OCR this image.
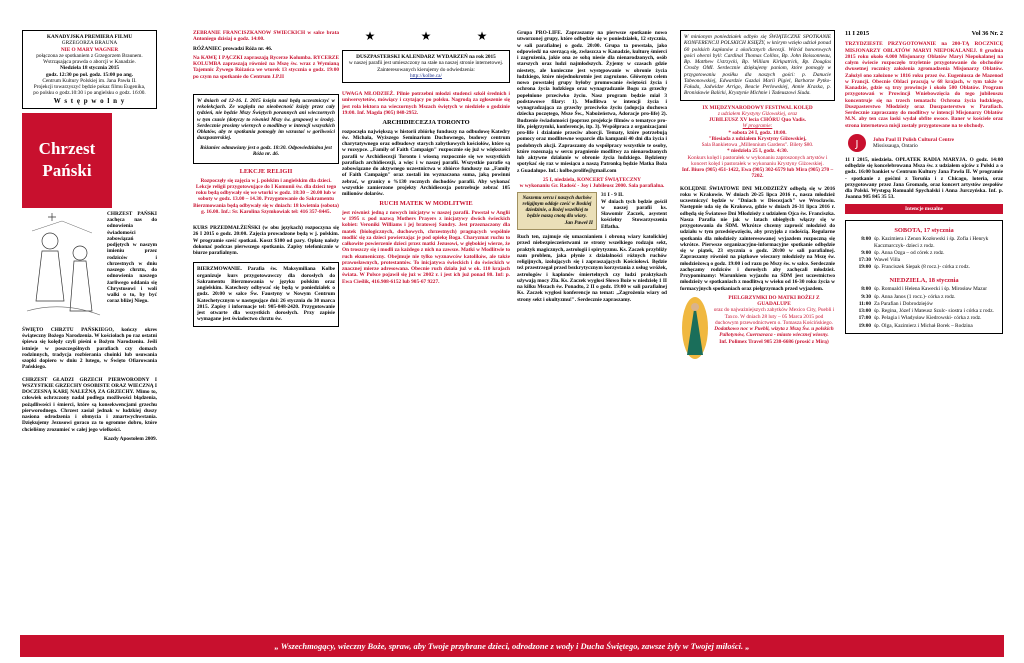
KANADYJSKA PREMIERA FILMU
GRZEGORZA BRAUNA
NIE O MARY WAGNER
połączona ze spotkaniem z Grzegorzem Braunem.
Wstrząsająca prawda o aborcji w Kanadzie.
Niedziela 18 stycznia 2015
godz. 12:30 po pol. godz. 15:00 po ang.
Centrum Kultury Polskiej im. Jana Pawła II.
Projekcji towarzyszyć będzie pokaz filmu Eugenika,
po polsku o godz.10:30 i po angielsku o godz. 16:00.
W s t ę p w o l n y
Chrzest Pański
CHRZEST PAŃSKI zachęca nas do odnowienia świadomości zobowiązań podjętych w naszym imieniu przez rodziców i chrzestnych w dniu naszego chrztu, do odnowienia naszego żarliwego oddania się Chrystusowi i woli walki o to, by być coraz bliżej Niego.

ŚWIĘTO CHRZTU PAŃSKIEGO, kończy okres świąteczny Bożego Narodzenia. W kościołach po raz ostatni śpiewa się kolędy czyli pieśni o Bożym Narodzeniu. Jeśli istnieje w poszczególnych parafiach czy domach rodzinnych, tradycja rozbierania choinki lub usuwania szopki dopiero w dniu 2 lutego, w Święto Ofiarowania Pańskiego.

CHRZEST GŁADZI GRZECH PIERWORODNY I WSZYSTKIE GRZECHY OSOBISTE ORAZ WIECZNĄ I DOCZESNĄ KARĘ NALEŻNĄ ZA GRZECHY. Mimo to, człowiek ochrzczony nadal podlega możliwości błądzenia, pożądliwości i śmierci, które są konsekwencjami grzechu pierworodnego. Chrzest zasiał jednak w ludzkiej duszy nasiona odrodzenia i obmycia i zmartwychwstania. Dziękujemy Jezusowi goraco za to ogromne dobro, które chcieliśmy zrozumieć w całej jego wielkości.

Kazdy Apostołem 2009.

ZEBRANIE FRANCISZKANÓW ŚWIECKICH w salce brata Antoniego dzisiaj o godz. 14:00.

RÓŻANIEC prowadzi Róża nr. 46.

Na KAWĘ I PĄCZKI zapraszają Rycerze Kolumba. RYCERZE KOLUMBA zapraszają również na Mszę św. wraz z Wymianą Tajemnic Żywego Różańca we wtorek 13 stycznia o godz. 19:00 po czym na spotkanie do Centrum J.P.II

W dniach od 12-16. I. 2015 księża nasi będą uczestniczyć w rekolekcjach. Ze względu na nieobecność księży przez cały tydzień, nie będzie Mszy Świętych porannych ani wieczornych w tym czasie (dotyczy to również Mszy św. grupowej w środę). Serdecznie prosimy wiernych o modlitwy w intencji wszystkich Oblatów, aby te spotkania pomogły im wzrastać w gorliwości duszpasterskiej.

Różaniec odmawiany jest o godz. 18:30. Odpowiedzialna jest Róża nr. 46.

LEKCJE RELIGII

Rozpoczęły się zajęcia w j. polskim i angielskim dla dzieci. Lekcje religii przygotowujące do I Komunii św. dla dzieci tego roku będą odbywały się we wtorki w godz. 18:30 – 20.00 lub w soboty w godz. 13.00 – 14.30. Przygotowanie do Sakramentu Bierzmowania będą odbywały się w dniach: 18 kwietnia (sobota) g. 16.00. Inf.: Sr. Karolina Szymkowiak tel: 416 357-8445.

KURS PRZEDMAŁŻEŃSKI (w obu językach) rozpoczyna się 26 I 2015 o godz. 20:00. Zajęcia prowadzone będą w j. polskim. W programie sześć spotkań. Koszt $100 od pary. Opłatę należy dokonać podczas pierwszego spotkania. Zapisy telefonicznie w biurze parafialnym.

BIERZMOWANIE. Parafia św. Maksymiliana Kolbe organizuje kurs przygotowawczy dla dorosłych do Sakramentu Bierzmowania w języku polskim oraz angielskim. Katechezy odbywać się będą w poniedziałek o godz. 20:00 w salce Św. Faustyny w Nowym Centrum Katechetycznym w następujące dni: 26 stycznia do 30 marca 2015. Zapisy i informacje tel: 905-848-2420. Przygotowanie jest otwarte dla wszystkich dorosłych. Przy zapisie wymagane jest świadectwo chrztu św.
★	★	★
DUSZPASTERSKI KALENDARZ WYDARZEŃ na rok 2015
w naszej parafii jest umieszczony na stałe na naszej stronie internetowej. Zainteresowanych kierujemy do odwiedzenia:
http://kolbe.ca/

UWAGA MŁODZIEŻ. Pilnie potrzebni młodzi studenci szkół średnich i uniwersytetów, mówiący i czytający po polsku. Nagrodą za zgłoszenie się jest rola lektora na wieczornych Mszach świętych w niedziele o godzinie 19:00. Inf. Magda (905) 848-2952.

ARCHIDIECEZJA TORONTO

rozpoczęła największą w historii zbiórkę funduszy na odbudowę Katedry św. Michała, Wyższego Seminarium Duchownego, budowy centrum charytatywnego oraz odbudowy starych zabytkowych kościołów, które są w rozsypce. „Family of Faith Campaign" rozpocznie się już w większości parafii w Archidiecezji Toronto i wiosną rozpocznie się we wszystkich parafiach archidiecezji, a więc i w naszej parafii. Wszystkie parafie są zobowiązane do aktywnego uczestnictwa w zbiórce funduszy na „Family of Faith Campaign" oraz zostali im wyznaczona suma, jaką powinni zebrać, w granicy o %130 rocznych dochodów parafii. Aby wykonać wszystkie zamierzone projekty Archidiecezja potrzebuje zebrać 105 milionów dolarów.

RUCH MATEK W MODLITWIE

jest również jedną z nowych inicjatyw w naszej parafii. Powstał w Anglii w 1995 r. pod nazwą Mothers Prayers z inicjatywy dwóch świeckich kobiet: Veroniki Williams i jej bratowej Sandry. Jest przeznaczony dla matek (biologicznych, duchowych, chrzestnych) pragnących wspólnie modlić się za dzieci powierzając je pod opiekę Boga. Charyzmat ruchu to całkowite powierzenie dzieci przez matki Jezusowi, w głębokiej wierze, że On troszczy się i modli za każdego z nich na zawsze. Matki w Modlitwie to ruch ekumeniczny. Obejmuje nie tylko wyznawców katolików, ale także prawosławnych, protestantów. To inicjatywa świeckich i do świeckich w znacznej mierze adresowana. Obecnie ruch działa już w ok. 110 krajach świata. W Polsce pojawił się już w 2002 r. i jest ich już ponad 80. Inf: p. Ewa Cieślik, 416.908-6152 lub 905-67 9227.

Grupa PRO-LIFE. Zapraszamy na pierwsze spotkanie nowo utworzonej grupy, które odbędzie się w poniedziałek, 12 stycznia, w sali parafialnej o godz. 20:00. Grupa ta powstała, jako odpowiedź na szerzącą się, zwłaszcza w Kanadzie, kulturę śmierci i zagrożenia, jakie ona ze sobą niesie dla nienarodzonych, osób starszych oraz ludzi najmłodszych. Żyjemy w czasach gdzie niestety, ale konieczne jest występowanie w obronie życia ludzkiego, które niejednokrotnie jest zagrożone. Głównym celem nowo powstałej grupy byłoby promowanie świętości życia i ochrona życia ludzkiego oraz wynagradzanie Bogu za grzechy popełnione przeciwko życiu. Nasz program będzie miał 3 podstawowe filary: 1). Modlitwa w intencji życia i wynagradzająca za grzechy przeciwko życiu (adopcja duchowa dziecka poczętego, Msze Św., Nabożeństwa, Adoracje pro-life) 2). Budzenie świadomości (poprzez projekcje filmów o tematyce pro-life, pielgrzymki, konferencje, itp. 3). Współpraca z organizacjami pro-life i działanie przeciw aborcji. Tematy, które potrzebują pomocy oraz modlitewne wsparcie dla kampanii 40 dni dla życia i podobnych akcji. Zapraszamy do współpracy wszystkie te osoby, które rozeznają w sercu pragnienie modlitwy za nienarodzonych lub aktywne działanie w obronie życia ludzkiego. Będziemy spotykać się raz w miesiącu a naszą Patronką będzie Matka Boża z Guadalupe. Inf.: kolbe.prolife@gmail.com

25 I, niedziela, KONCERT ŚWIĄTECZNY

w wykonaniu Gr. Radość - Joy i Jubileusz 2000. Sala parafialna.

Naszemu sercu i naszych duchów religijnym oddaje cześć w Boskiej dziedzinie, a Bożej wszelkiej to będzie naszą cnotą dla wiary.
Jan Paweł II
31 I - 9 II.
W dniach tych będzie gościł w naszej parafii ks. Sławomir Zaczek, asystent kościelny Stowarzyszenia Effatha.

Ruch ten, zajmuje się umacnianiem i obroną wiary katolickiej przed niebezpieczeństwami ze strony wszelkiego rodzaju sekt, praktyk magicznych, astrologii i spirytyzmu. Ks. Zaczek przybliży nam problem, jaka płynie z działalności różnych ruchów religijnych, izolujących się i zapraszających Kościołowi. Będzie też przestrzegał przed bezkrytycznym korzystania z usług wróżek, astrologów i kapłanów śmiertelnych czy ludzi praktykach używają mocy Zła. Ks. Zaczek wygłosi Słowo Boże w niedzielę 1 II na kilku Mszach św. Ponadto, 2 II o godz. 19:00 w sali parafialnej Ks. Zaczek wygłosi konferencje na temat: „Zagrożenia wiary od strony sekt i okultyzmu!". Serdecznie zapraszamy.

W minionym poniedziałek odbyło się ŚWIĄTECZNE SPOTKANIE KONFERENCJI POLSKICH KSIĘŻY, w którym wzięło udział ponad 60 polskich kapłanów z okolicznych diecezji. Wśród honorowych gości obecni byli: Cardinal Thomas Collins, Bp. John Boissonneau, Bp. Matthew Ustrzycki, Bp. William Kirkpatrick, Bp. Douglas Crosby OMI. Serdecznie dziękujemy paniom, które pomogły w przygotowaniu posiłku dla naszych gości: p. Danucie Tabeonowskiej, Edwardzie Gazdai Marii Pigiel, Barbarze Pytko-Fałuda, Jadwidze Arrigo, Beacie Perlowskiej, Annie Kraska, p. Bronisławie Balicki, Krystynie Michnie i Tadeuszowi Siuda.
IX MIĘDZYNARODOWY FESTIWAL KOLĘD
z udziałem Krystyny Giżowskiej, oraz
JUBILEUSZ XV lecia CHÓRU Quo Vadis.
W programie:
* sobota 24 I, godz. 18:00.
"Biesiada z udziałem Krystyny Giżowskiej,
Sala Bankietowa „Millennium Gardens". Bilety $80.
* niedziela 25 I, godz. 4:30.
Konkurs kolęd i pastorałek w wykonaniu zaproszonych artystów i koncert kolęd i pastorałek w wykonaniu Krystyny Giżowskiej.
Inf. Biuro (905) 451-1422, Ewa (905) 302-6579 lub Mira (905) 270 – 7202.

KOLĘDNE ŚWIATOWE DNI MŁODZIEŻY odbędą się w 2016 roku w Krakowie. W dniach 20-25 lipca 2016 r., nasza młodzież uczestniczyć będzie w "Dniach w Diecezjach" we Wrocławiu. Następnie uda się do Krakowa, gdzie w dniach 26-31 lipca 2016 r. odbędą się Światowe Dni Młodzieży z udziałem Ojca św. Franciszka. Nasza Parafia nie jak w latach ubiegłych włączy się w przygotowania do ŚDM. Wkrótce chcemy zaprosić młodzież do udziału w tym przedsięwzięciu, aby przyjęła z radością. Regularne spotkania dla młodzieży zainteresowanej wyjazdem rozpoczną się wkrótce. Pierwsze organizacyjno-informacyjne spotkanie odbędzie się w piątek, 23 stycznia o godz. 20:00 w sali parafialnej. Zapraszamy również na piątkowe wieczory młodzieży na Mszę św. młodzieżową o godz. 19:00 i od razu po Mszy św. w salce. Serdecznie zachęcamy rodziców i dorosłych aby zachęcali młodzież. Przypominamy: Warunkiem wyjazdu na ŚDM jest uczestnictwo młodzieży w spotkaniach z modlitwą w wieku od 16-30 roku życia w formacyjnych spotkaniach oraz pielgrzymach przed wyjazdem.

PIELGRZYMKI DO MATKI BOŻEJ Z GUADALUPE
oraz do najważniejszych zabytków Mexico City, Puebli i Taxco. W dniach 28 luty – 05 Marca 2015 pod duchowym przewodnictwem o. Tomasza Kościńskiego.
Dodatkowo noc w Puebli, wizyta z Mszą Św. u polskich Pallotynów, Cuernavaca - miasto wiecznej wiosny.
Inf. Polimex Travel 905 238-6686 (prosić z Mirą)
11 I 2015	Vol 36 Nr. 2

TRZYDZIESTE PRZYGOTOWANIE na 200-TĄ ROCZNICĘ MISJONARZY OBLATÓW MARYI NIEPOKALANEJ. 8 grudnia 2015 roku około 4.000 Misjonarzy Oblatów Maryi Niepokalanej na całym świecie rozpoczęło trzyletnie przygotowanie do obchodów dwusetnej rocznicy założenia zgromadzenia Misjonarzy Oblatów. Założył ono założone w 1816 roku przez św. Eugeniusza de Mazenod w Francji. Obecnie Oblaci pracują w 68 krajach, w tym także w Kanadzie, gdzie są trzy prowincje i około 500 Oblatów. Program przygotowań w Prowincji Wniebowzięcia do tego jubileuszu koncentruje się na trzech tematach: Ochrona życia ludzkiego, Duszpasterstwo Młodzieży oraz Duszpasterstwo w Parafiach. Serdecznie zapraszamy do modlitwy w intencji Misjonarzy Oblatów M.N. aby ten czas łaski wydał obfite owoce. Baner w kościele oraz strona internetowa misji zostały przygotowane na te obchody.

J	John Paul II Polish Cultural Centre
Mississauga, Ontario

11 I 2015, niedziela. OPŁATEK RADIA MARYJA. O godz. 14:00 odbędzie się koncelebrowana Msza św. z udziałem ojców z Polski a o godz. 16:00 bankiet w Centrum Kultury Jana Pawła II. W programie - spotkanie z gośćmi z Toruńia i z Chicago, loteria, oraz przygotowany przez Jana Gromadę, oraz koncert artystów zespołów dla Polski. Występą Romuald Spychalski i Anna Jurczyńska. Inf. p. Joanna 905 845 35 53.

Intencje mszalne
SOBOTA, 17 stycznia
8:00 śp. Kazimiera i Zenon Kozłowski i śp. Zofia i Henryk Kaczmarczyk- dzieci z rodz.
9:00 śp. Anna Ozga – od córek z rodz.
17:30 Wawel Villa
19:00 śp. Franciszek Siepak (8 rocz.)- córka z rodz.
NIEDZIELA, 18 stycznia
8:00 śp. Romuald i Helena Kawecki i śp. Mirosław Mazur
9:30 śp. Anna Janos (1 rocz.)- córka z rodz.
11:00 Za Parafian i Dobrodziejów
13:00 śp. Regina, Józef i Mateusz Szulc- siostra i córka z rodz.
17:00 śp. Pelagia i Władysław Kiedrowski- córka z rodz.
19:00 śp. Olga, Kazimierz i Michał Borek – Rodzina
„ Wszechmogący, wieczny Boże, spraw, aby Twoje przybrane dzieci, odrodzone z wody i Ducha Świętego, zawsze żyły w Twojej miłości. „
